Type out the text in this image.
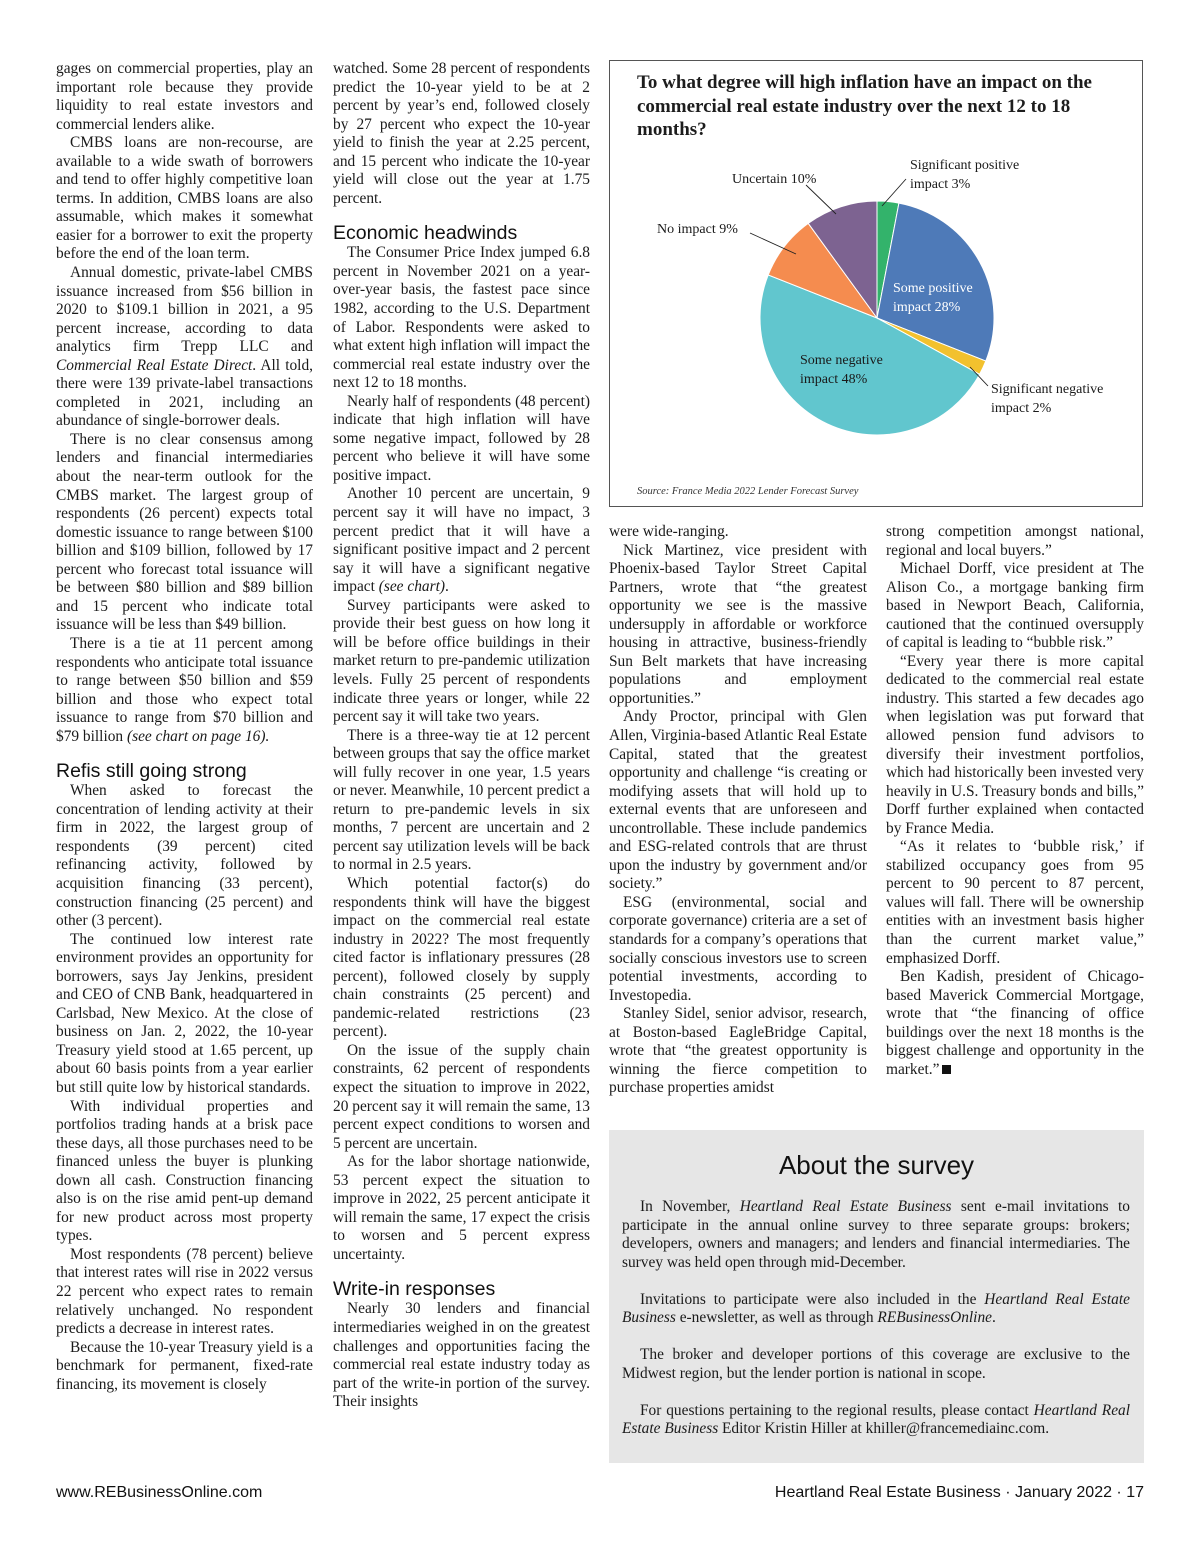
gages on commercial properties, play an important role because they provide liquidity to real estate investors and commercial lenders alike.

CMBS loans are non-recourse, are available to a wide swath of borrowers and tend to offer highly competitive loan terms. In addition, CMBS loans are also assumable, which makes it somewhat easier for a borrower to exit the property before the end of the loan term.

Annual domestic, private-label CMBS issuance increased from $56 billion in 2020 to $109.1 billion in 2021, a 95 percent increase, according to data analytics firm Trepp LLC and Commercial Real Estate Direct. All told, there were 139 private-label transactions completed in 2021, including an abundance of single-borrower deals.

There is no clear consensus among lenders and financial intermediaries about the near-term outlook for the CMBS market. The largest group of respondents (26 percent) expects total domestic issuance to range between $100 billion and $109 billion, followed by 17 percent who forecast total issuance will be between $80 billion and $89 billion and 15 percent who indicate total issuance will be less than $49 billion.

There is a tie at 11 percent among respondents who anticipate total issuance to range between $50 billion and $59 billion and those who expect total issuance to range from $70 billion and $79 billion (see chart on page 16).

Refis still going strong

When asked to forecast the concentration of lending activity at their firm in 2022, the largest group of respondents (39 percent) cited refinancing activity, followed by acquisition financing (33 percent), construction financing (25 percent) and other (3 percent).

The continued low interest rate environment provides an opportunity for borrowers, says Jay Jenkins, president and CEO of CNB Bank, headquartered in Carlsbad, New Mexico. At the close of business on Jan. 2, 2022, the 10-year Treasury yield stood at 1.65 percent, up about 60 basis points from a year earlier but still quite low by historical standards.

With individual properties and portfolios trading hands at a brisk pace these days, all those purchases need to be financed unless the buyer is plunking down all cash. Construction financing also is on the rise amid pent-up demand for new product across most property types.

Most respondents (78 percent) believe that interest rates will rise in 2022 versus 22 percent who expect rates to remain relatively unchanged. No respondent predicts a decrease in interest rates.

Because the 10-year Treasury yield is a benchmark for permanent, fixed-rate financing, its movement is closely

watched. Some 28 percent of respondents predict the 10-year yield to be at 2 percent by year’s end, followed closely by 27 percent who expect the 10-year yield to finish the year at 2.25 percent, and 15 percent who indicate the 10-year yield will close out the year at 1.75 percent.

Economic headwinds

The Consumer Price Index jumped 6.8 percent in November 2021 on a year-over-year basis, the fastest pace since 1982, according to the U.S. Department of Labor. Respondents were asked to what extent high inflation will impact the commercial real estate industry over the next 12 to 18 months.

Nearly half of respondents (48 percent) indicate that high inflation will have some negative impact, followed by 28 percent who believe it will have some positive impact.

Another 10 percent are uncertain, 9 percent say it will have no impact, 3 percent predict that it will have a significant positive impact and 2 percent say it will have a significant negative impact (see chart).

Survey participants were asked to provide their best guess on how long it will be before office buildings in their market return to pre-pandemic utilization levels. Fully 25 percent of respondents indicate three years or longer, while 22 percent say it will take two years.

There is a three-way tie at 12 percent between groups that say the office market will fully recover in one year, 1.5 years or never. Meanwhile, 10 percent predict a return to pre-pandemic levels in six months, 7 percent are uncertain and 2 percent say utilization levels will be back to normal in 2.5 years.

Which potential factor(s) do respondents think will have the biggest impact on the commercial real estate industry in 2022? The most frequently cited factor is inflationary pressures (28 percent), followed closely by supply chain constraints (25 percent) and pandemic-related restrictions (23 percent).

On the issue of the supply chain constraints, 62 percent of respondents expect the situation to improve in 2022, 20 percent say it will remain the same, 13 percent expect conditions to worsen and 5 percent are uncertain.

As for the labor shortage nationwide, 53 percent expect the situation to improve in 2022, 25 percent anticipate it will remain the same, 17 expect the crisis to worsen and 5 percent express uncertainty.

Write-in responses

Nearly 30 lenders and financial intermediaries weighed in on the greatest challenges and opportunities facing the commercial real estate industry today as part of the write-in portion of the survey. Their insights

To what degree will high inflation have an impact on the commercial real estate industry over the next 12 to 18 months?
Significant positive impact 3%
Some positive impact 28%
Significant negative impact 2%
Some negative impact 48%
No impact 9%
Uncertain 10%
Source: France Media 2022 Lender Forecast Survey

were wide-ranging.

Nick Martinez, vice president with Phoenix-based Taylor Street Capital Partners, wrote that “the greatest opportunity we see is the massive undersupply in affordable or workforce housing in attractive, business-friendly Sun Belt markets that have increasing populations and employment opportunities.”

Andy Proctor, principal with Glen Allen, Virginia-based Atlantic Real Estate Capital, stated that the greatest opportunity and challenge “is creating or modifying assets that will hold up to external events that are unforeseen and uncontrollable. These include pandemics and ESG-related controls that are thrust upon the industry by government and/or society.”

ESG (environmental, social and corporate governance) criteria are a set of standards for a company’s operations that socially conscious investors use to screen potential investments, according to Investopedia.

Stanley Sidel, senior advisor, research, at Boston-based EagleBridge Capital, wrote that “the greatest opportunity is winning the fierce competition to purchase properties amidst

strong competition amongst national, regional and local buyers.”

Michael Dorff, vice president at The Alison Co., a mortgage banking firm based in Newport Beach, California, cautioned that the continued oversupply of capital is leading to “bubble risk.”

“Every year there is more capital dedicated to the commercial real estate industry. This started a few decades ago when legislation was put forward that allowed pension fund advisors to diversify their investment portfolios, which had historically been invested very heavily in U.S. Treasury bonds and bills,” Dorff further explained when contacted by France Media.

“As it relates to ‘bubble risk,’ if stabilized occupancy goes from 95 percent to 90 percent to 87 percent, values will fall. There will be ownership entities with an investment basis higher than the current market value,” emphasized Dorff.

Ben Kadish, president of Chicago-based Maverick Commercial Mortgage, wrote that “the financing of office buildings over the next 18 months is the biggest challenge and opportunity in the market.”

About the survey

In November, Heartland Real Estate Business sent e-mail invitations to participate in the annual online survey to three separate groups: brokers; developers, owners and managers; and lenders and financial intermediaries. The survey was held open through mid-December.

Invitations to participate were also included in the Heartland Real Estate Business e-newsletter, as well as through REBusinessOnline.

The broker and developer portions of this coverage are exclusive to the Midwest region, but the lender portion is national in scope.

For questions pertaining to the regional results, please contact Heartland Real Estate Business Editor Kristin Hiller at khiller@francemediainc.com.

www.REBusinessOnline.com	Heartland Real Estate Business · January 2022 · 17
